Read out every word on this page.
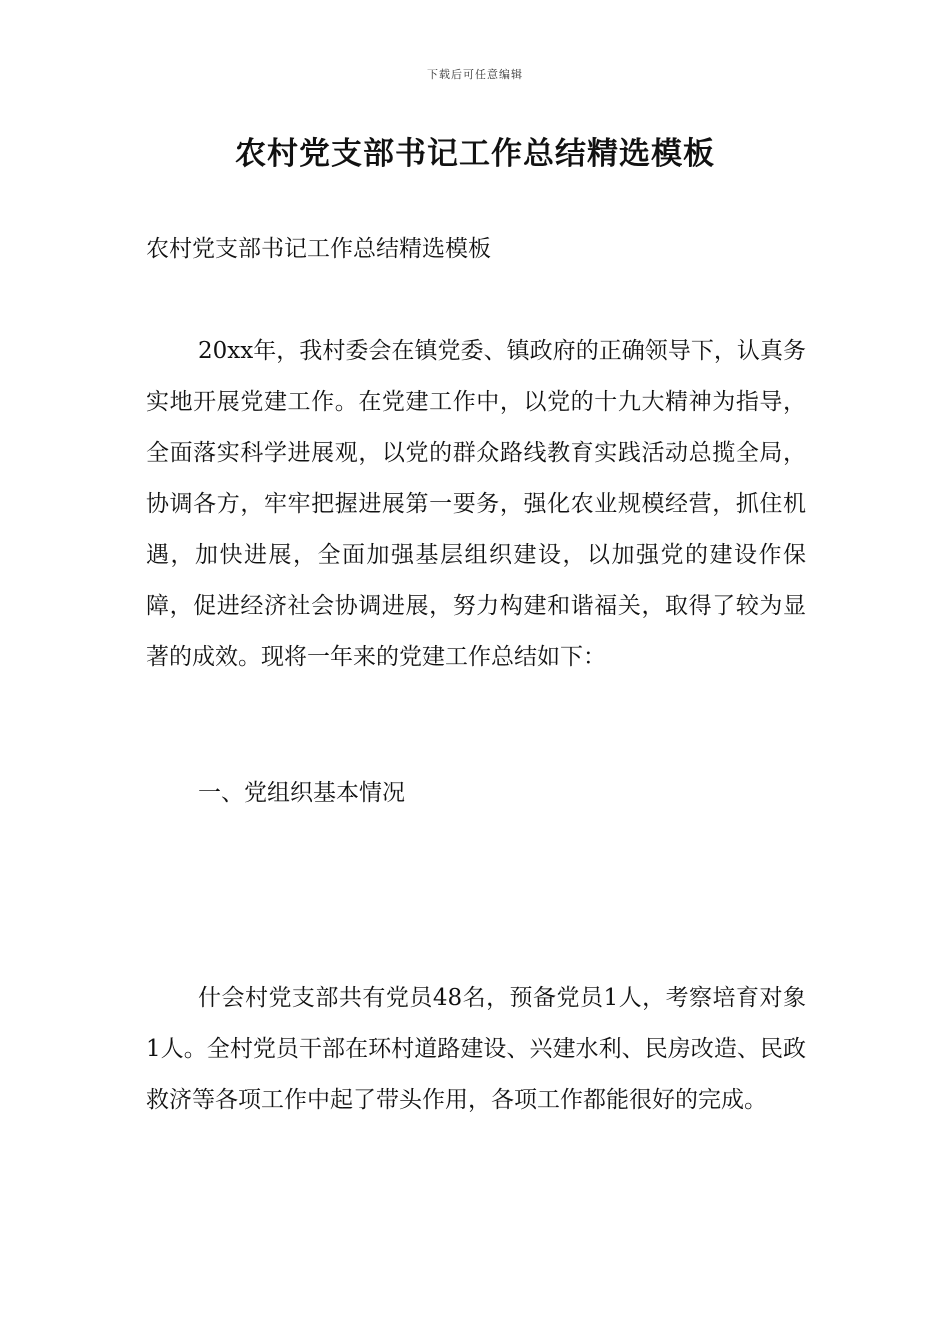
下载后可任意编辑
农村党支部书记工作总结精选模板

农村党支部书记工作总结精选模板

20xx年，我村委会在镇党委、镇政府的正确领导下，认真务实地开展党建工作。在党建工作中，以党的十九大精神为指导，全面落实科学进展观，以党的群众路线教育实践活动总揽全局，协调各方，牢牢把握进展第一要务，强化农业规模经营，抓住机遇，加快进展，全面加强基层组织建设，以加强党的建设作保障，促进经济社会协调进展，努力构建和谐福关，取得了较为显著的成效。现将一年来的党建工作总结如下：

一、党组织基本情况

什会村党支部共有党员48名，预备党员1人，考察培育对象1人。全村党员干部在环村道路建设、兴建水利、民房改造、民政救济等各项工作中起了带头作用，各项工作都能很好的完成。
